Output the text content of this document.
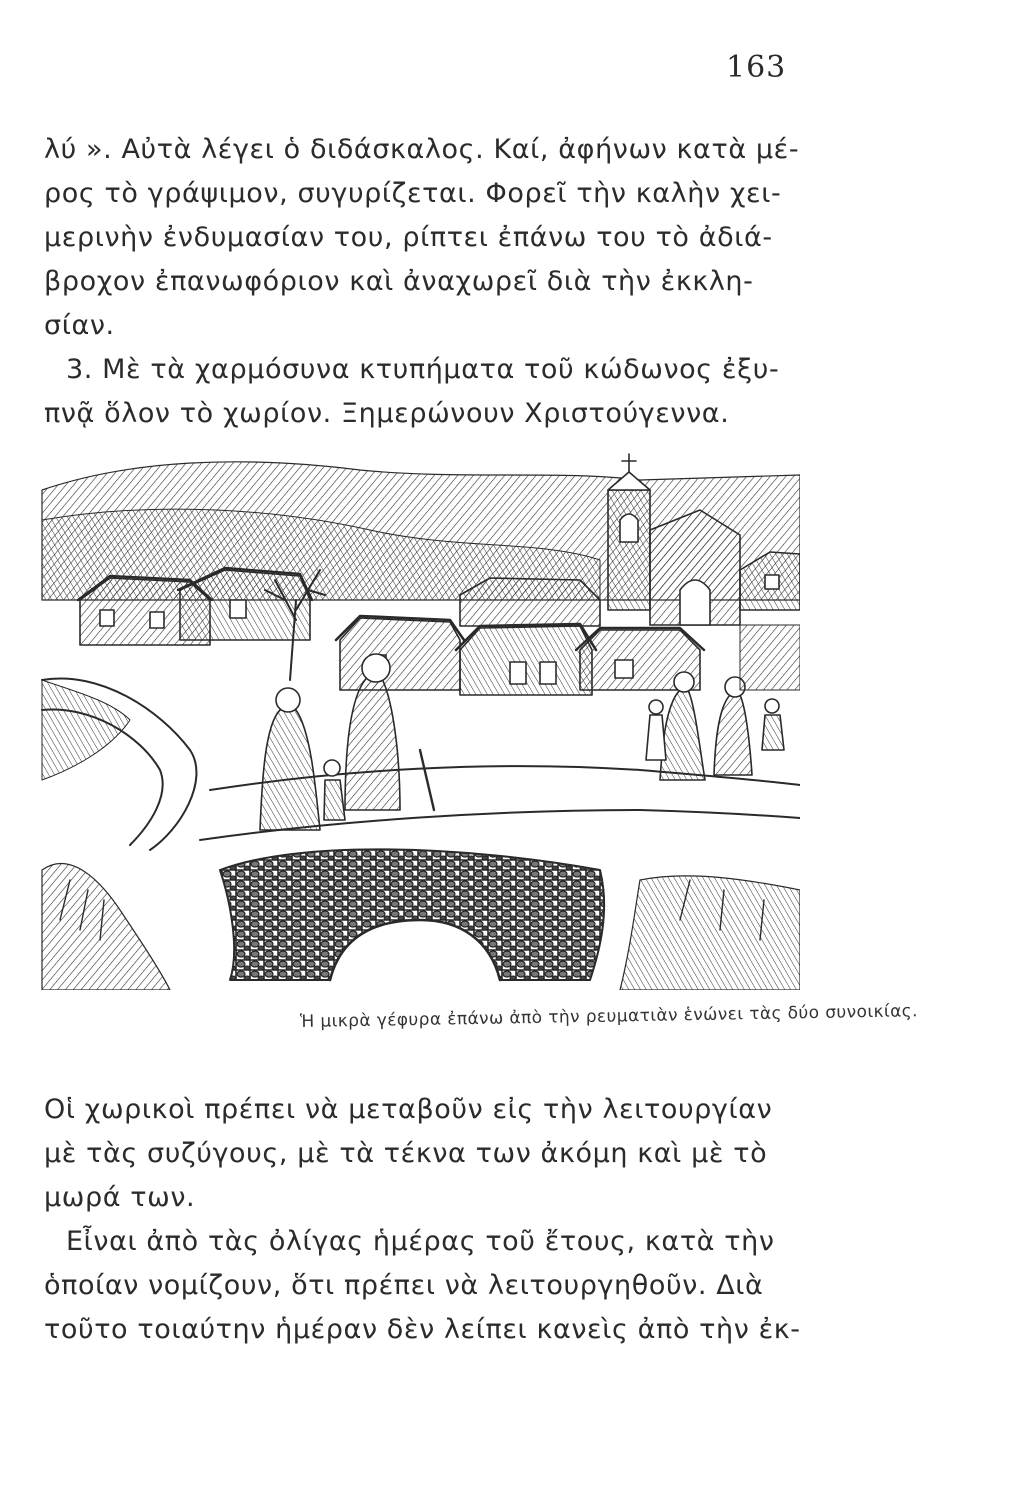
163
λύ ». Αὐτὰ λέγει ὁ διδάσκαλος. Καί, ἀφήνων κατὰ μέ-
ρος τὸ γράψιμον, συγυρίζεται. Φορεῖ τὴν καλὴν χει-
μερινὴν ἐνδυμασίαν του, ρίπτει ἐπάνω του τὸ ἀδιά-
βροχον ἐπανωφόριον καὶ ἀναχωρεῖ διὰ τὴν ἐκκλη-
σίαν.
3. Μὲ τὰ χαρμόσυνα κτυπήματα τοῦ κώδωνος ἐξυ-
πνᾷ ὅλον τὸ χωρίον. Ξημερώνουν Χριστούγεννα.
Ἡ μικρὰ γέφυρα ἐπάνω ἀπὸ τὴν ρευματιὰν ἑνώνει τὰς δύο συνοικίας.
Οἱ χωρικοὶ πρέπει νὰ μεταβοῦν εἰς τὴν λειτουργίαν
μὲ τὰς συζύγους, μὲ τὰ τέκνα των ἀκόμη καὶ μὲ τὸ
μωρά των.
Εἶναι ἀπὸ τὰς ὀλίγας ἡμέρας τοῦ ἔτους, κατὰ τὴν
ὁποίαν νομίζουν, ὅτι πρέπει νὰ λειτουργηθοῦν. Διὰ
τοῦτο τοιαύτην ἡμέραν δὲν λείπει κανεὶς ἀπὸ τὴν ἐκ-
